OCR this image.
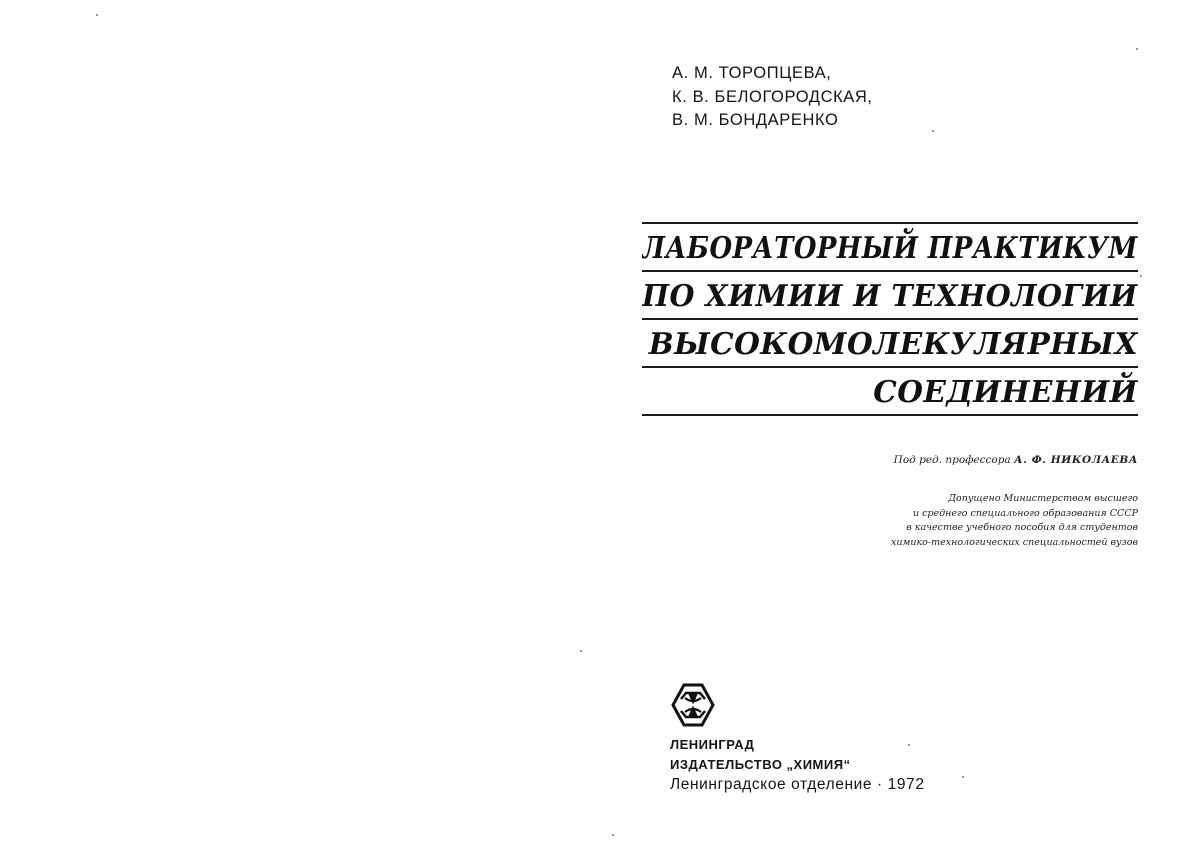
А. М. ТОРОПЦЕВА,
К. В. БЕЛОГОРОДСКАЯ,
В. М. БОНДАРЕНКО
ЛАБОРАТОРНЫЙ ПРАКТИКУМ
ПО ХИМИИ И ТЕХНОЛОГИИ
ВЫСОКОМОЛЕКУЛЯРНЫХ
СОЕДИНЕНИЙ
Под ред. профессора А. Ф. НИКОЛАЕВА
Допущено Министерством высшего
и среднего специального образования СССР
в качестве учебного пособия для студентов
химико-технологических специальностей вузов
ЛЕНИНГРАД
ИЗДАТЕЛЬСТВО „ХИМИЯ“
Ленинградское отделение · 1972
